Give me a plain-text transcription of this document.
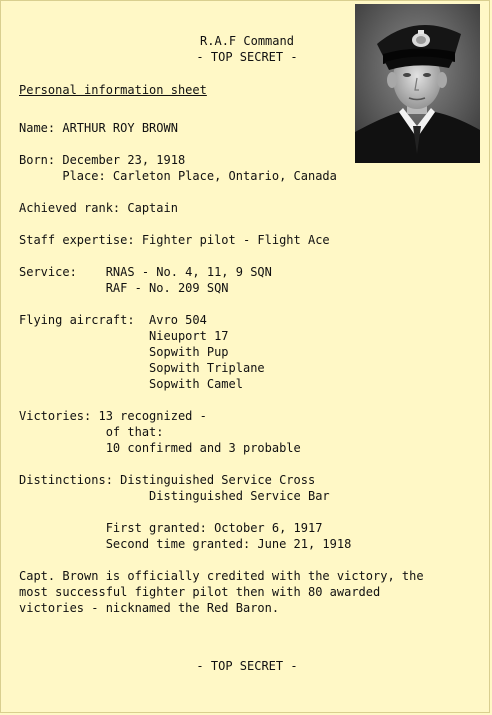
R.A.F Command
- TOP SECRET -
Personal information sheet
Name: ARTHUR ROY BROWN
Born: December 23, 1918
Place: Carleton Place, Ontario, Canada
Achieved rank: Captain
Staff expertise: Fighter pilot - Flight Ace
Service:    RNAS - No. 4, 11, 9 SQN
RAF - No. 209 SQN
Flying aircraft:  Avro 504
Nieuport 17
Sopwith Pup
Sopwith Triplane
Sopwith Camel
Victories: 13 recognized -
of that:
10 confirmed and 3 probable
Distinctions: Distinguished Service Cross
Distinguished Service Bar
First granted: October 6, 1917
Second time granted: June 21, 1918
Capt. Brown is officially credited with the victory, the
most successful fighter pilot then with 80 awarded
victories - nicknamed the Red Baron.
- TOP SECRET -
